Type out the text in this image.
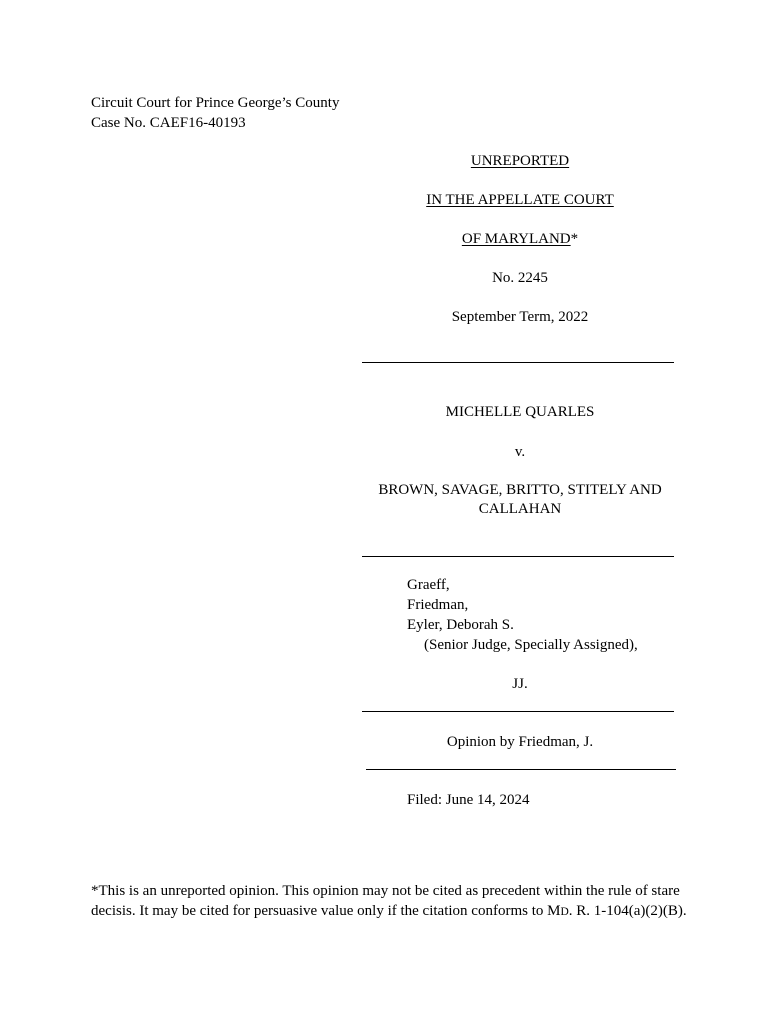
Circuit Court for Prince George’s County
Case No. CAEF16-40193
UNREPORTED
IN THE APPELLATE COURT
OF MARYLAND*
No. 2245
September Term, 2022
MICHELLE QUARLES
v.
BROWN, SAVAGE, BRITTO, STITELY AND
CALLAHAN
Graeff,
Friedman,
Eyler, Deborah S.
(Senior Judge, Specially Assigned),
JJ.
Opinion by Friedman, J.
Filed: June 14, 2024
*This is an unreported opinion. This opinion may not be cited as precedent within the rule of stare decisis. It may be cited for persuasive value only if the citation conforms to MD. R. 1-104(a)(2)(B).
